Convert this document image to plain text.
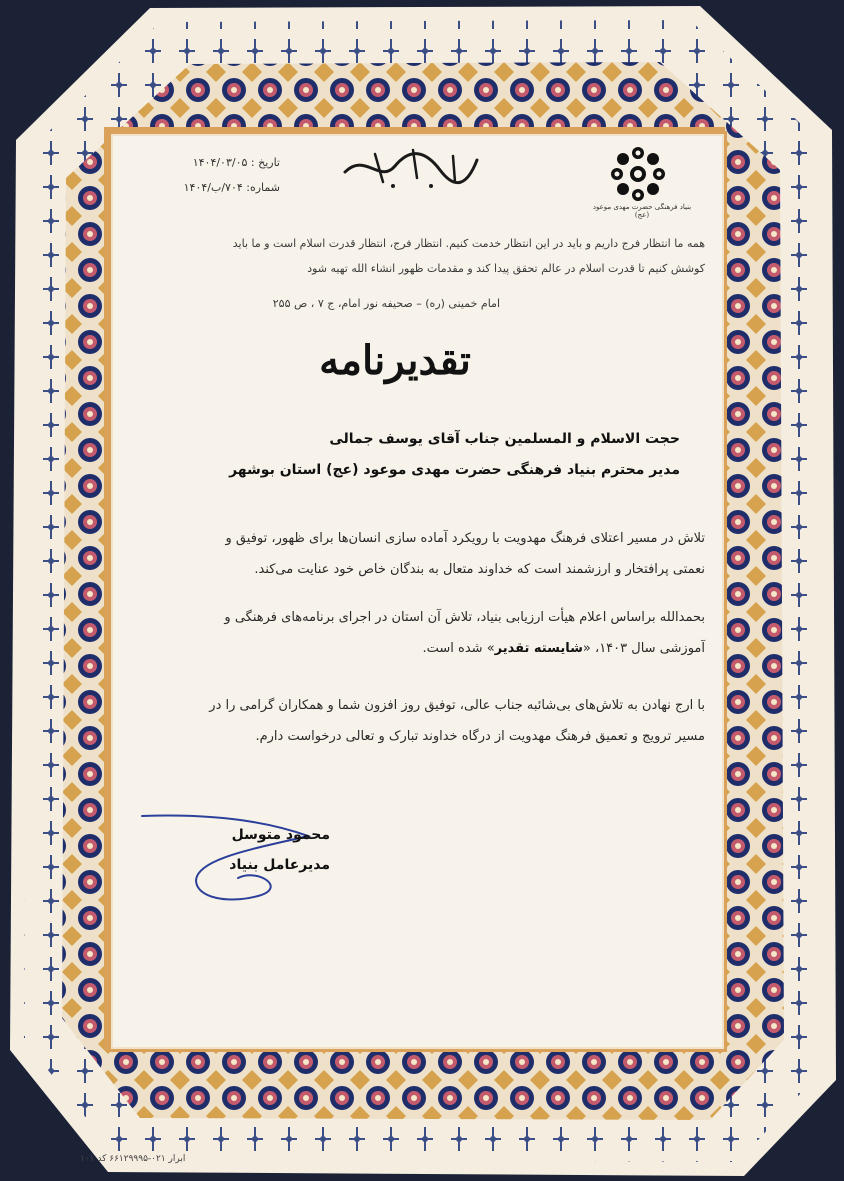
بنیاد فرهنگی حضرت مهدی موعود (عج)
تاریخ : ۱۴۰۴/۰۳/۰۵
شماره: ۷۰۴/ب/۱۴۰۴
همه ما انتظار فرج داریم و باید در این انتظار خدمت کنیم. انتظار فرج، انتظار قدرت اسلام است و ما باید
کوشش کنیم تا قدرت اسلام در عالم تحقق پیدا کند و مقدمات ظهور انشاء الله تهیه شود
امام خمینی (ره) – صحیفه نور امام، ج ۷ ، ص ۲۵۵
تقدیرنامه
حجت الاسلام و المسلمین جناب آقای یوسف جمالی
مدیر محترم بنیاد فرهنگی حضرت مهدی موعود (عج) استان بوشهر
تلاش در مسیر اعتلای فرهنگ مهدویت با رویکرد آماده سازی انسان‌ها برای ظهور، توفیق و
نعمتی پرافتخار و ارزشمند است که خداوند متعال به بندگان خاص خود عنایت می‌کند.
بحمدالله براساس اعلام هیأت ارزیابی بنیاد، تلاش آن استان در اجرای برنامه‌های فرهنگی و
آموزشی سال ۱۴۰۳، «شایسته تقدیر» شده است.
با ارج نهادن به تلاش‌های بی‌شائبه جناب عالی، توفیق روز افزون شما و همکاران گرامی را در
مسیر ترویج و تعمیق فرهنگ مهدویت از درگاه خداوند تبارک و تعالی درخواست دارم.
محمود متوسل
مدیرعامل بنیاد
ابرار ۰۲۱-۶۶۱۲۹۹۹۵ کد ۱۰۱
